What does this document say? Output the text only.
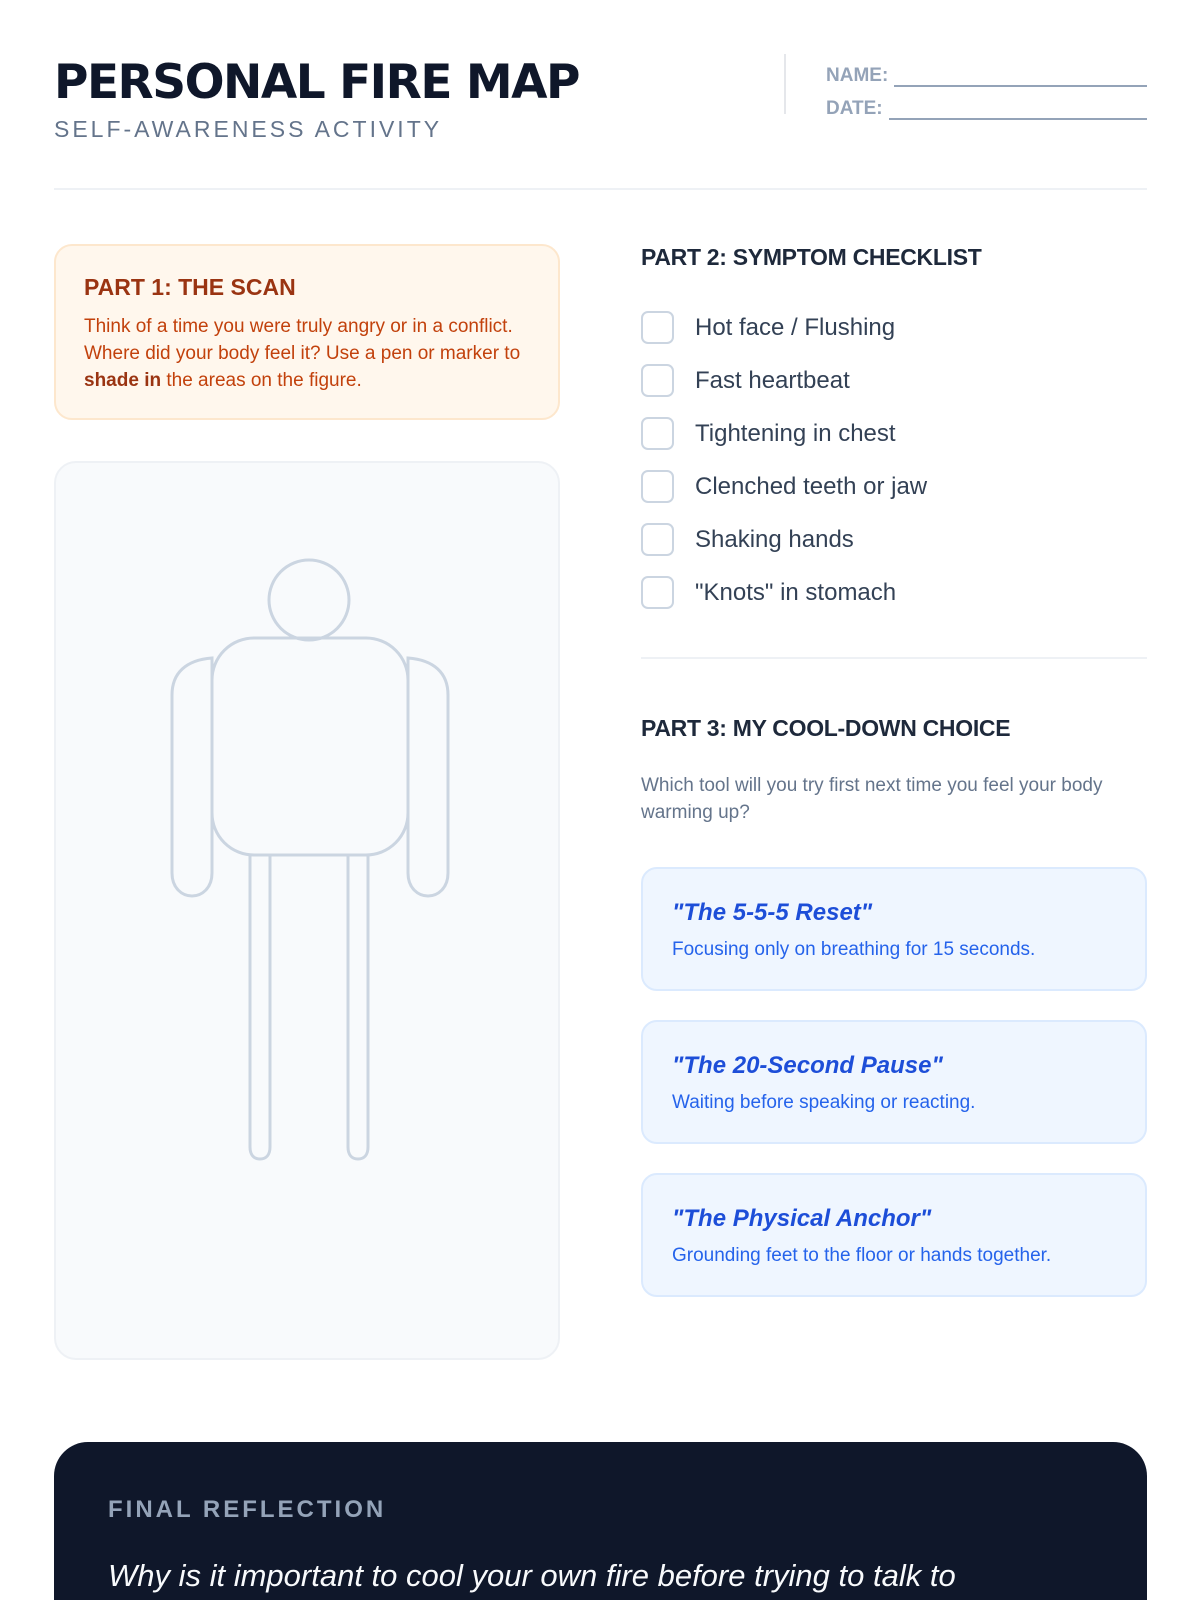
PERSONAL FIRE MAP
SELF-AWARENESS ACTIVITY
NAME:
DATE:
PART 1: THE SCAN

Think of a time you were truly angry or in a conflict. Where did your body feel it? Use a pen or marker to shade in the areas on the figure.

PART 2: SYMPTOM CHECKLIST
Hot face / Flushing
Fast heartbeat
Tightening in chest
Clenched teeth or jaw
Shaking hands
"Knots" in stomach
PART 3: MY COOL-DOWN CHOICE
Which tool will you try first next time you feel your body warming up?
"The 5-5-5 Reset"
Focusing only on breathing for 15 seconds.
"The 20-Second Pause"
Waiting before speaking or reacting.
"The Physical Anchor"
Grounding feet to the floor or hands together.
FINAL REFLECTION
Why is it important to cool your own fire before trying to talk to
